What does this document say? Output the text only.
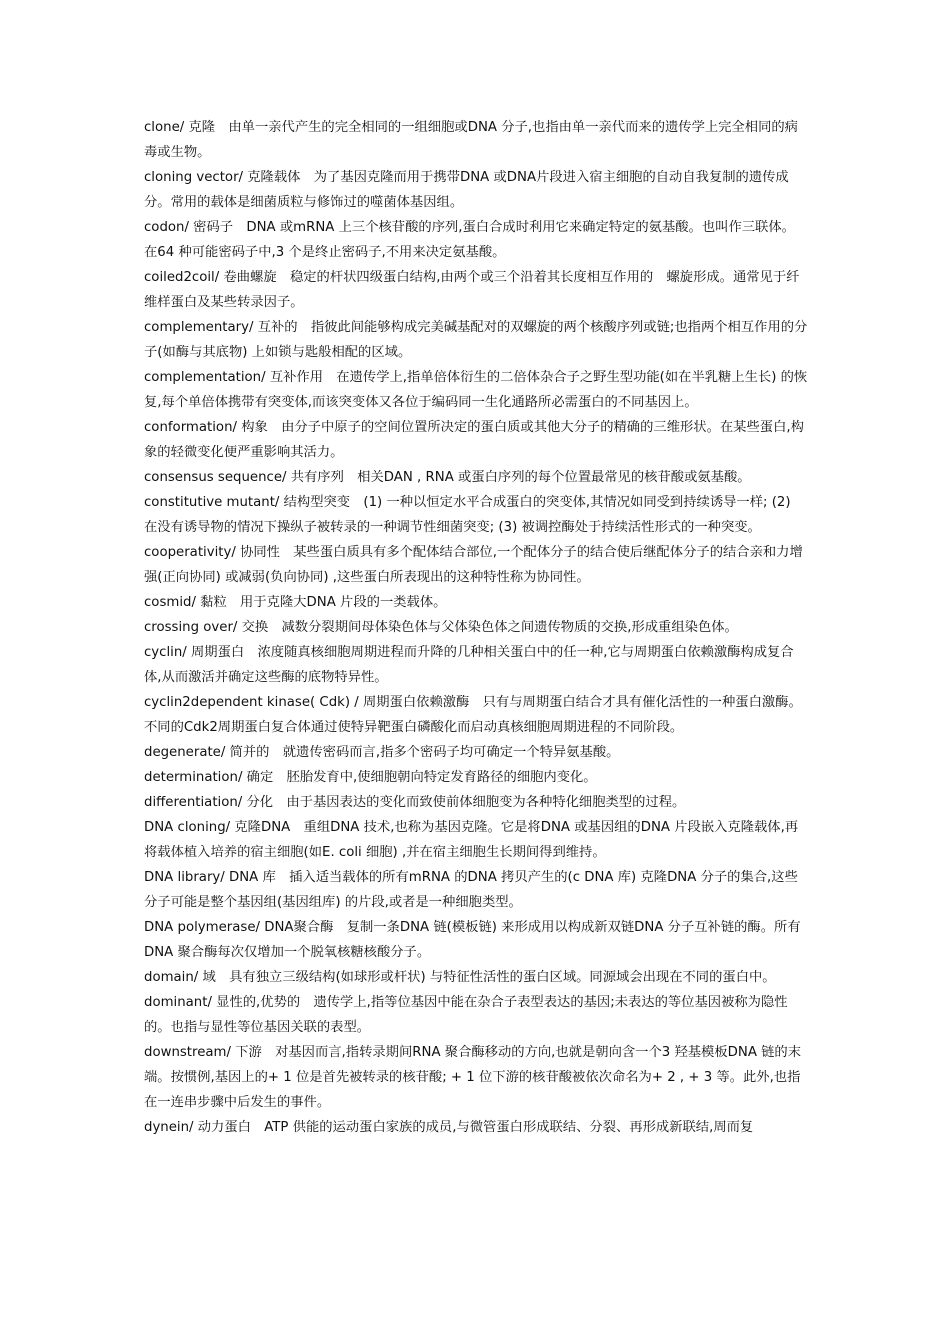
clone/ 克隆　由单一亲代产生的完全相同的一组细胞或DNA 分子,也指由单一亲代而来的遗传学上完全相同的病毒或生物。

cloning vector/ 克隆载体　为了基因克隆而用于携带DNA 或DNA片段进入宿主细胞的自动自我复制的遗传成分。常用的载体是细菌质粒与修饰过的噬菌体基因组。

codon/ 密码子　DNA 或mRNA 上三个核苷酸的序列,蛋白合成时利用它来确定特定的氨基酸。也叫作三联体。在64 种可能密码子中,3 个是终止密码子,不用来决定氨基酸。

coiled2coil/ 卷曲螺旋　稳定的杆状四级蛋白结构,由两个或三个沿着其长度相互作用的　螺旋形成。通常见于纤维样蛋白及某些转录因子。

complementary/ 互补的　指彼此间能够构成完美碱基配对的双螺旋的两个核酸序列或链;也指两个相互作用的分子(如酶与其底物) 上如锁与匙般相配的区域。

complementation/ 互补作用　在遗传学上,指单倍体衍生的二倍体杂合子之野生型功能(如在半乳糖上生长) 的恢复,每个单倍体携带有突变体,而该突变体又各位于编码同一生化通路所必需蛋白的不同基因上。

conformation/ 构象　由分子中原子的空间位置所决定的蛋白质或其他大分子的精确的三维形状。在某些蛋白,构象的轻微变化便严重影响其活力。

consensus sequence/ 共有序列　相关DAN , RNA 或蛋白序列的每个位置最常见的核苷酸或氨基酸。

constitutive mutant/ 结构型突变　(1) 一种以恒定水平合成蛋白的突变体,其情况如同受到持续诱导一样; (2) 在没有诱导物的情况下操纵子被转录的一种调节性细菌突变; (3) 被调控酶处于持续活性形式的一种突变。

cooperativity/ 协同性　某些蛋白质具有多个配体结合部位,一个配体分子的结合使后继配体分子的结合亲和力增强(正向协同) 或减弱(负向协同) ,这些蛋白所表现出的这种特性称为协同性。

cosmid/ 黏粒　用于克隆大DNA 片段的一类载体。

crossing over/ 交换　减数分裂期间母体染色体与父体染色体之间遗传物质的交换,形成重组染色体。

cyclin/ 周期蛋白　浓度随真核细胞周期进程而升降的几种相关蛋白中的任一种,它与周期蛋白依赖激酶构成复合体,从而激活并确定这些酶的底物特异性。

cyclin2dependent kinase( Cdk) / 周期蛋白依赖激酶　只有与周期蛋白结合才具有催化活性的一种蛋白激酶。不同的Cdk2周期蛋白复合体通过使特异靶蛋白磷酸化而启动真核细胞周期进程的不同阶段。

degenerate/ 简并的　就遗传密码而言,指多个密码子均可确定一个特异氨基酸。

determination/ 确定　胚胎发育中,使细胞朝向特定发育路径的细胞内变化。

differentiation/ 分化　由于基因表达的变化而致使前体细胞变为各种特化细胞类型的过程。

DNA cloning/ 克隆DNA　重组DNA 技术,也称为基因克隆。它是将DNA 或基因组的DNA 片段嵌入克隆载体,再将载体植入培养的宿主细胞(如E. coli 细胞) ,并在宿主细胞生长期间得到维持。

DNA library/ DNA 库　插入适当载体的所有mRNA 的DNA 拷贝产生的(c DNA 库) 克隆DNA 分子的集合,这些分子可能是整个基因组(基因组库) 的片段,或者是一种细胞类型。

DNA polymerase/ DNA聚合酶　复制一条DNA 链(模板链) 来形成用以构成新双链DNA 分子互补链的酶。所有DNA 聚合酶每次仅增加一个脱氧核糖核酸分子。

domain/ 域　具有独立三级结构(如球形或杆状) 与特征性活性的蛋白区域。同源域会出现在不同的蛋白中。

dominant/ 显性的,优势的　遗传学上,指等位基因中能在杂合子表型表达的基因;未表达的等位基因被称为隐性的。也指与显性等位基因关联的表型。

downstream/ 下游　对基因而言,指转录期间RNA 聚合酶移动的方向,也就是朝向含一个3 羟基模板DNA 链的末端。按惯例,基因上的+ 1 位是首先被转录的核苷酸; + 1 位下游的核苷酸被依次命名为+ 2 , + 3 等。此外,也指在一连串步骤中后发生的事件。

dynein/ 动力蛋白　ATP 供能的运动蛋白家族的成员,与微管蛋白形成联结、分裂、再形成新联结,周而复
